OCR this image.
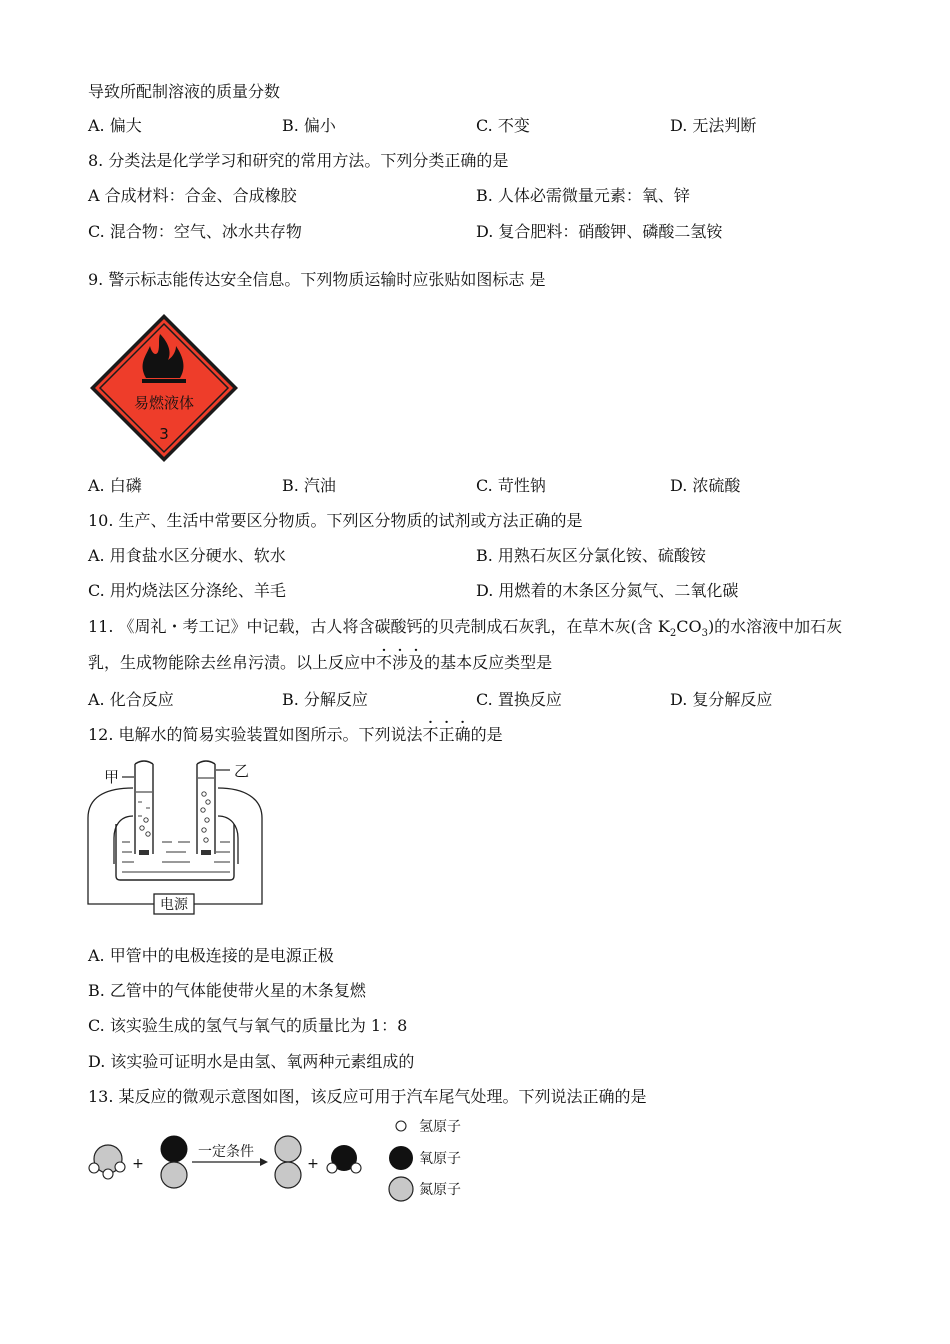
导致所配制溶液的质量分数
A. 偏大	B. 偏小	C. 不变	D. 无法判断
8. 分类法是化学学习和研究的常用方法。下列分类正确的是
A 合成材料：合金、合成橡胶	B. 人体必需微量元素：氧、锌
C. 混合物：空气、冰水共存物	D. 复合肥料：硝酸钾、磷酸二氢铵
9. 警示标志能传达安全信息。下列物质运输时应张贴如图标志 是
易燃液体
3
A. 白磷	B. 汽油	C. 苛性钠	D. 浓硫酸
10. 生产、生活中常要区分物质。下列区分物质的试剂或方法正确的是
A. 用食盐水区分硬水、软水	B. 用熟石灰区分氯化铵、硫酸铵
C. 用灼烧法区分涤纶、羊毛	D. 用燃着的木条区分氮气、二氧化碳
11. 《周礼・考工记》中记载，古人将含碳酸钙的贝壳制成石灰乳，在草木灰(含 $K_2CO_3$)的水溶液中加石灰
乳，生成物能除去丝帛污渍。以上反应中不涉及的基本反应类型是
A. 化合反应	B. 分解反应	C. 置换反应	D. 复分解反应
12. 电解水的简易实验装置如图所示。下列说法不正确的是
甲	乙
电源
A. 甲管中的电极连接的是电源正极
B. 乙管中的气体能使带火星的木条复燃
C. 该实验生成的氢气与氧气的质量比为 1：8
D. 该实验可证明水是由氢、氧两种元素组成的
13. 某反应的微观示意图如图，该反应可用于汽车尾气处理。下列说法正确的是
+
一定条件
+
氢原子
氧原子
氮原子
